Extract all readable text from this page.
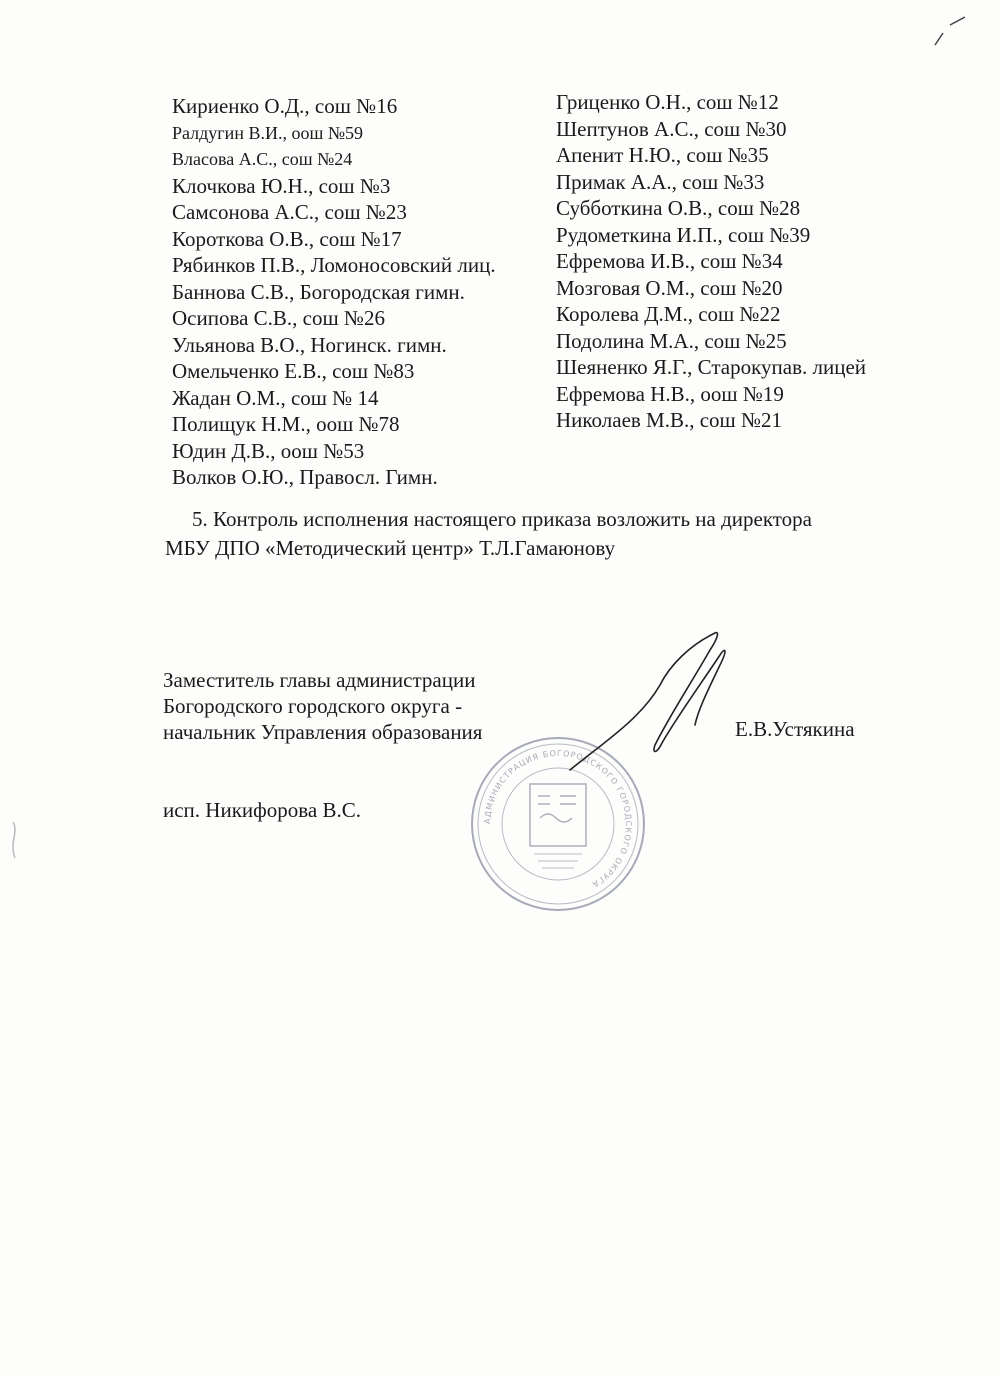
Кириенко О.Д., сош №16
Ралдугин В.И., оош №59
Власова А.С., сош №24
Клочкова Ю.Н., сош №3
Самсонова А.С., сош №23
Короткова О.В., сош №17
Рябинков П.В., Ломоносовский лиц.
Баннова С.В., Богородская гимн.
Осипова С.В., сош №26
Ульянова В.О., Ногинск. гимн.
Омельченко Е.В., сош №83
Жадан О.М., сош № 14
Полищук Н.М., оош №78
Юдин Д.В., оош №53
Волков О.Ю., Правосл. Гимн.
Гриценко О.Н., сош №12
Шептунов А.С., сош №30
Апенит Н.Ю., сош №35
Примак А.А., сош №33
Субботкина О.В., сош №28
Рудометкина И.П., сош №39
Ефремова И.В., сош №34
Мозговая О.М., сош №20
Королева Д.М., сош №22
Подолина М.А., сош №25
Шеяненко Я.Г., Старокупав. лицей
Ефремова Н.В., оош №19
Николаев М.В., сош №21

5. Контроль исполнения настоящего приказа возложить на директора
МБУ ДПО «Методический центр» Т.Л.Гамаюнову

Заместитель главы администрации
Богородского городского округа -
начальник Управления образования	Е.В.Устякина
исп. Никифорова В.С.	АДМИНИСТРАЦИЯ БОГОРОДСКОГО ГОРОДСКОГО ОКРУГА
